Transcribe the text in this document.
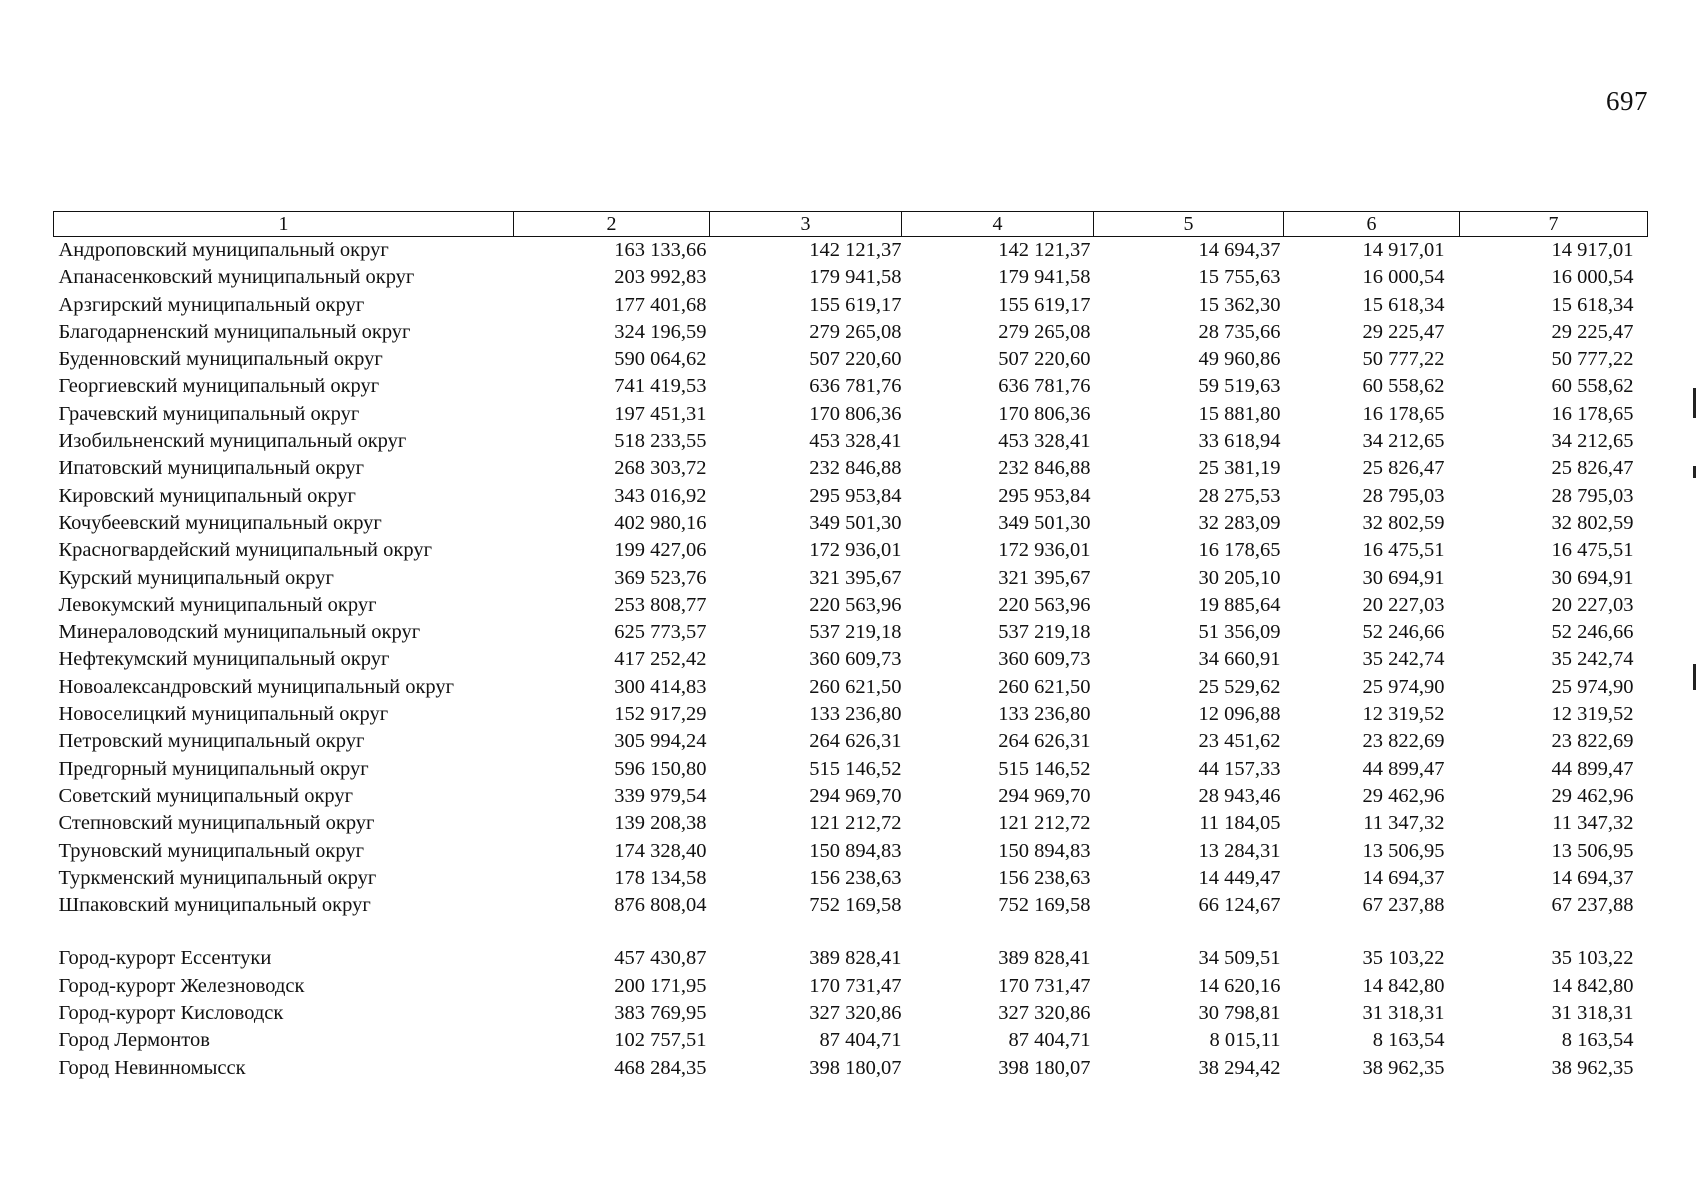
697
1	2	3	4	5	6	7
Андроповский муниципальный округ	163 133,66	142 121,37	142 121,37	14 694,37	14 917,01	14 917,01
Апанасенковский муниципальный округ	203 992,83	179 941,58	179 941,58	15 755,63	16 000,54	16 000,54
Арзгирский муниципальный округ	177 401,68	155 619,17	155 619,17	15 362,30	15 618,34	15 618,34
Благодарненский муниципальный округ	324 196,59	279 265,08	279 265,08	28 735,66	29 225,47	29 225,47
Буденновский муниципальный округ	590 064,62	507 220,60	507 220,60	49 960,86	50 777,22	50 777,22
Георгиевский муниципальный округ	741 419,53	636 781,76	636 781,76	59 519,63	60 558,62	60 558,62
Грачевский муниципальный округ	197 451,31	170 806,36	170 806,36	15 881,80	16 178,65	16 178,65
Изобильненский муниципальный округ	518 233,55	453 328,41	453 328,41	33 618,94	34 212,65	34 212,65
Ипатовский муниципальный округ	268 303,72	232 846,88	232 846,88	25 381,19	25 826,47	25 826,47
Кировский муниципальный округ	343 016,92	295 953,84	295 953,84	28 275,53	28 795,03	28 795,03
Кочубеевский муниципальный округ	402 980,16	349 501,30	349 501,30	32 283,09	32 802,59	32 802,59
Красногвардейский муниципальный округ	199 427,06	172 936,01	172 936,01	16 178,65	16 475,51	16 475,51
Курский муниципальный округ	369 523,76	321 395,67	321 395,67	30 205,10	30 694,91	30 694,91
Левокумский муниципальный округ	253 808,77	220 563,96	220 563,96	19 885,64	20 227,03	20 227,03
Минераловодский муниципальный округ	625 773,57	537 219,18	537 219,18	51 356,09	52 246,66	52 246,66
Нефтекумский муниципальный округ	417 252,42	360 609,73	360 609,73	34 660,91	35 242,74	35 242,74
Новоалександровский муниципальный округ	300 414,83	260 621,50	260 621,50	25 529,62	25 974,90	25 974,90
Новоселицкий муниципальный округ	152 917,29	133 236,80	133 236,80	12 096,88	12 319,52	12 319,52
Петровский муниципальный округ	305 994,24	264 626,31	264 626,31	23 451,62	23 822,69	23 822,69
Предгорный муниципальный округ	596 150,80	515 146,52	515 146,52	44 157,33	44 899,47	44 899,47
Советский муниципальный округ	339 979,54	294 969,70	294 969,70	28 943,46	29 462,96	29 462,96
Степновский муниципальный округ	139 208,38	121 212,72	121 212,72	11 184,05	11 347,32	11 347,32
Труновский муниципальный округ	174 328,40	150 894,83	150 894,83	13 284,31	13 506,95	13 506,95
Туркменский муниципальный округ	178 134,58	156 238,63	156 238,63	14 449,47	14 694,37	14 694,37
Шпаковский муниципальный округ	876 808,04	752 169,58	752 169,58	66 124,67	67 237,88	67 237,88

Город-курорт Ессентуки	457 430,87	389 828,41	389 828,41	34 509,51	35 103,22	35 103,22
Город-курорт Железноводск	200 171,95	170 731,47	170 731,47	14 620,16	14 842,80	14 842,80
Город-курорт Кисловодск	383 769,95	327 320,86	327 320,86	30 798,81	31 318,31	31 318,31
Город Лермонтов	102 757,51	87 404,71	87 404,71	8 015,11	8 163,54	8 163,54
Город Невинномысск	468 284,35	398 180,07	398 180,07	38 294,42	38 962,35	38 962,35
